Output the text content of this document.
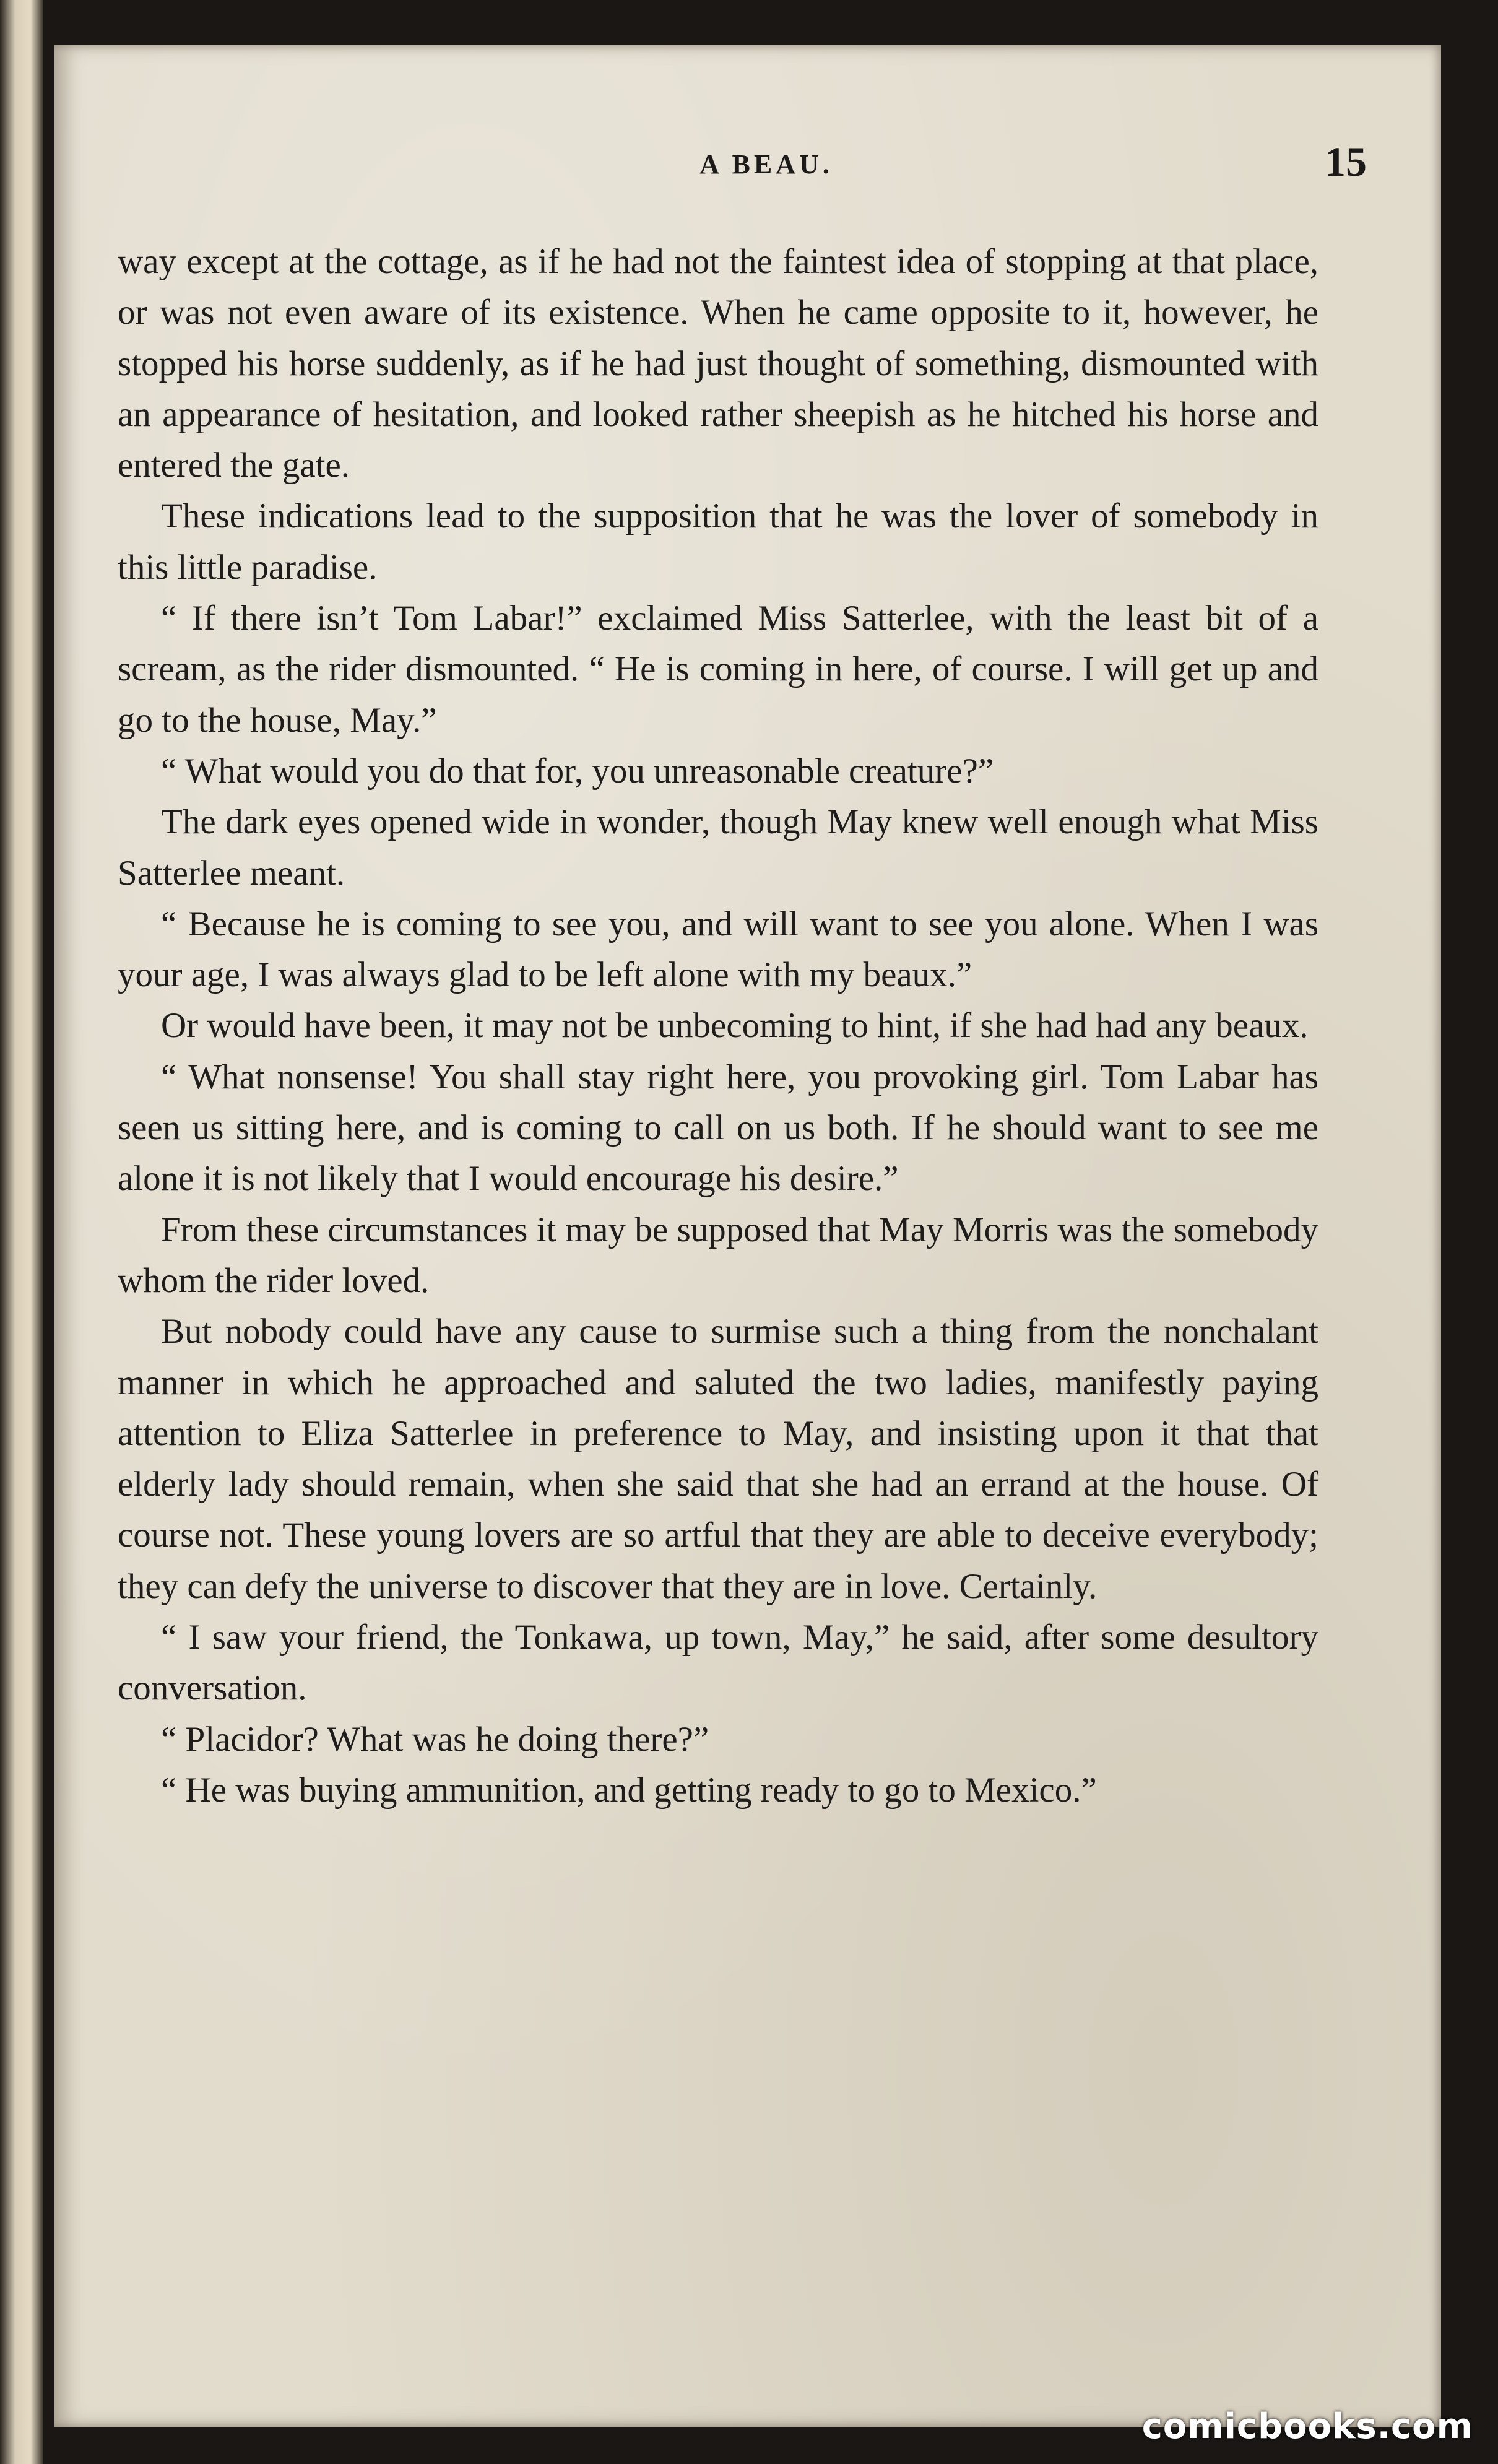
A BEAU.	15

way except at the cottage, as if he had not the faintest idea of stopping at that place, or was not even aware of its existence. When he came opposite to it, however, he stopped his horse suddenly, as if he had just thought of something, dismounted with an appearance of hesitation, and looked rather sheepish as he hitched his horse and entered the gate.

These indications lead to the supposition that he was the lover of somebody in this little paradise.

“ If there isn’t Tom Labar!” exclaimed Miss Satterlee, with the least bit of a scream, as the rider dismounted. “ He is coming in here, of course. I will get up and go to the house, May.”

“ What would you do that for, you unreasonable creature?”

The dark eyes opened wide in wonder, though May knew well enough what Miss Satterlee meant.

“ Because he is coming to see you, and will want to see you alone. When I was your age, I was always glad to be left alone with my beaux.”

Or would have been, it may not be unbecoming to hint, if she had had any beaux.

“ What nonsense! You shall stay right here, you provoking girl. Tom Labar has seen us sitting here, and is coming to call on us both. If he should want to see me alone it is not likely that I would encourage his desire.”

From these circumstances it may be supposed that May Morris was the somebody whom the rider loved.

But nobody could have any cause to surmise such a thing from the nonchalant manner in which he approached and saluted the two ladies, manifestly paying attention to Eliza Satterlee in preference to May, and insisting upon it that that elderly lady should remain, when she said that she had an errand at the house. Of course not. These young lovers are so artful that they are able to deceive everybody; they can defy the universe to discover that they are in love. Certainly.

“ I saw your friend, the Tonkawa, up town, May,” he said, after some desultory conversation.

“ Placidor? What was he doing there?”

“ He was buying ammunition, and getting ready to go to Mexico.”

comicbooks.com
